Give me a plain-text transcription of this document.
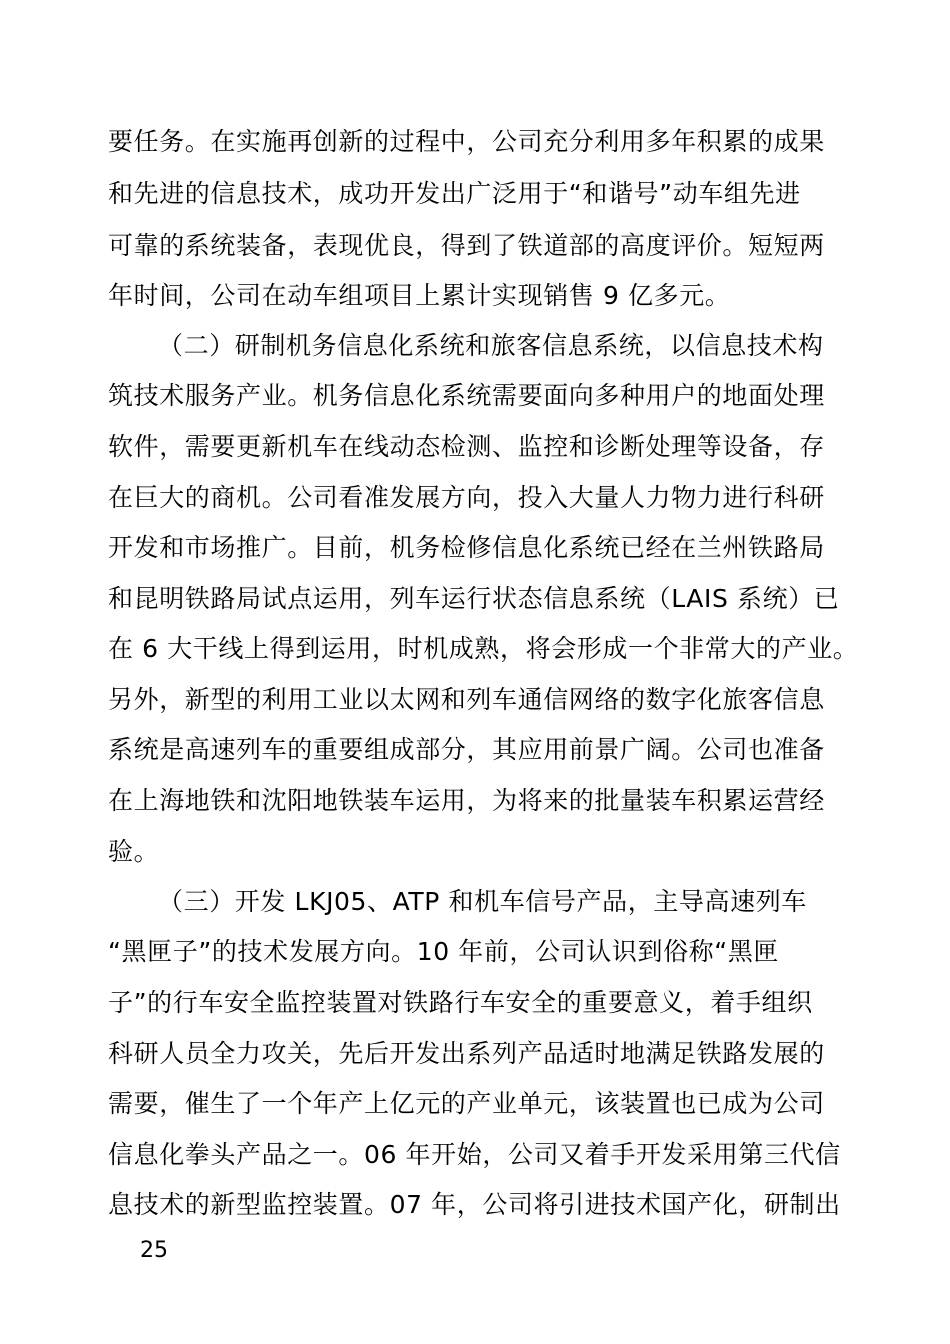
要任务。在实施再创新的过程中，公司充分利用多年积累的成果
和先进的信息技术，成功开发出广泛用于“和谐号”动车组先进
可靠的系统装备，表现优良，得到了铁道部的高度评价。短短两
年时间，公司在动车组项目上累计实现销售 9 亿多元。
（二）研制机务信息化系统和旅客信息系统，以信息技术构
筑技术服务产业。机务信息化系统需要面向多种用户的地面处理
软件，需要更新机车在线动态检测、监控和诊断处理等设备，存
在巨大的商机。公司看准发展方向，投入大量人力物力进行科研
开发和市场推广。目前，机务检修信息化系统已经在兰州铁路局
和昆明铁路局试点运用，列车运行状态信息系统（LAIS 系统）已
在 6 大干线上得到运用，时机成熟，将会形成一个非常大的产业。
另外，新型的利用工业以太网和列车通信网络的数字化旅客信息
系统是高速列车的重要组成部分，其应用前景广阔。公司也准备
在上海地铁和沈阳地铁装车运用，为将来的批量装车积累运营经
验。
（三）开发 LKJ05、ATP 和机车信号产品，主导高速列车
“黑匣子”的技术发展方向。10 年前，公司认识到俗称“黑匣
子”的行车安全监控装置对铁路行车安全的重要意义，着手组织
科研人员全力攻关，先后开发出系列产品适时地满足铁路发展的
需要，催生了一个年产上亿元的产业单元，该装置也已成为公司
信息化拳头产品之一。06 年开始，公司又着手开发采用第三代信
息技术的新型监控装置。07 年，公司将引进技术国产化，研制出
25
